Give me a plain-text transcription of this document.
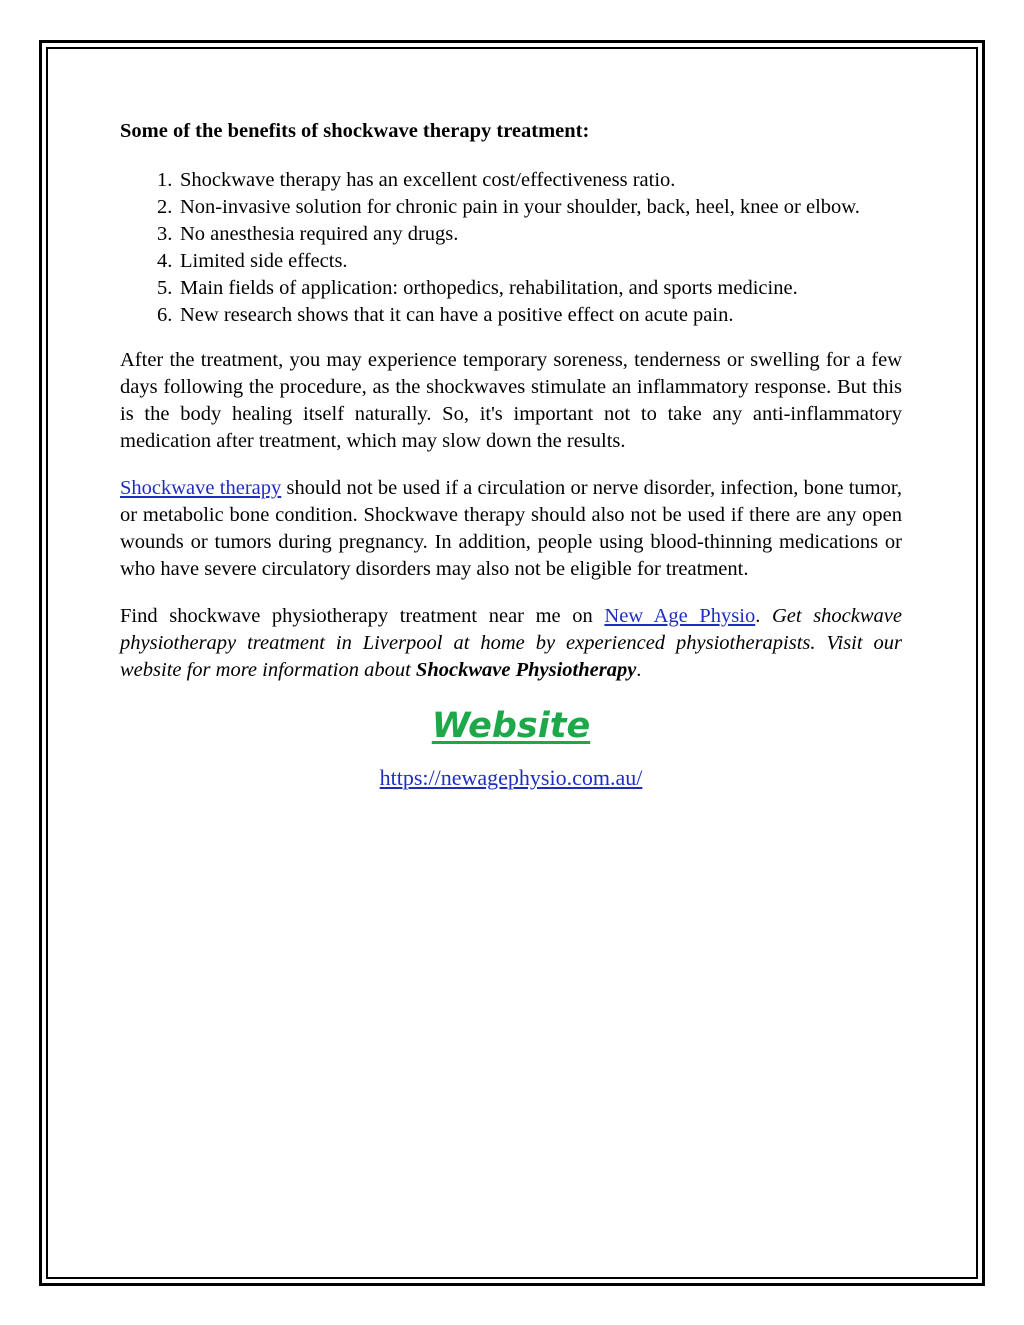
Some of the benefits of shockwave therapy treatment:
1. Shockwave therapy has an excellent cost/effectiveness ratio.
2. Non-invasive solution for chronic pain in your shoulder, back, heel, knee or elbow.
3. No anesthesia required any drugs.
4. Limited side effects.
5. Main fields of application: orthopedics, rehabilitation, and sports medicine.
6. New research shows that it can have a positive effect on acute pain.

After the treatment, you may experience temporary soreness, tenderness or swelling for a few days following the procedure, as the shockwaves stimulate an inflammatory response. But this is the body healing itself naturally. So, it's important not to take any anti-inflammatory medication after treatment, which may slow down the results.

Shockwave therapy should not be used if a circulation or nerve disorder, infection, bone tumor, or metabolic bone condition. Shockwave therapy should also not be used if there are any open wounds or tumors during pregnancy. In addition, people using blood-thinning medications or who have severe circulatory disorders may also not be eligible for treatment.

Find shockwave physiotherapy treatment near me on New Age Physio. Get shockwave physiotherapy treatment in Liverpool at home by experienced physiotherapists. Visit our website for more information about Shockwave Physiotherapy.

Website
https://newagephysio.com.au/
